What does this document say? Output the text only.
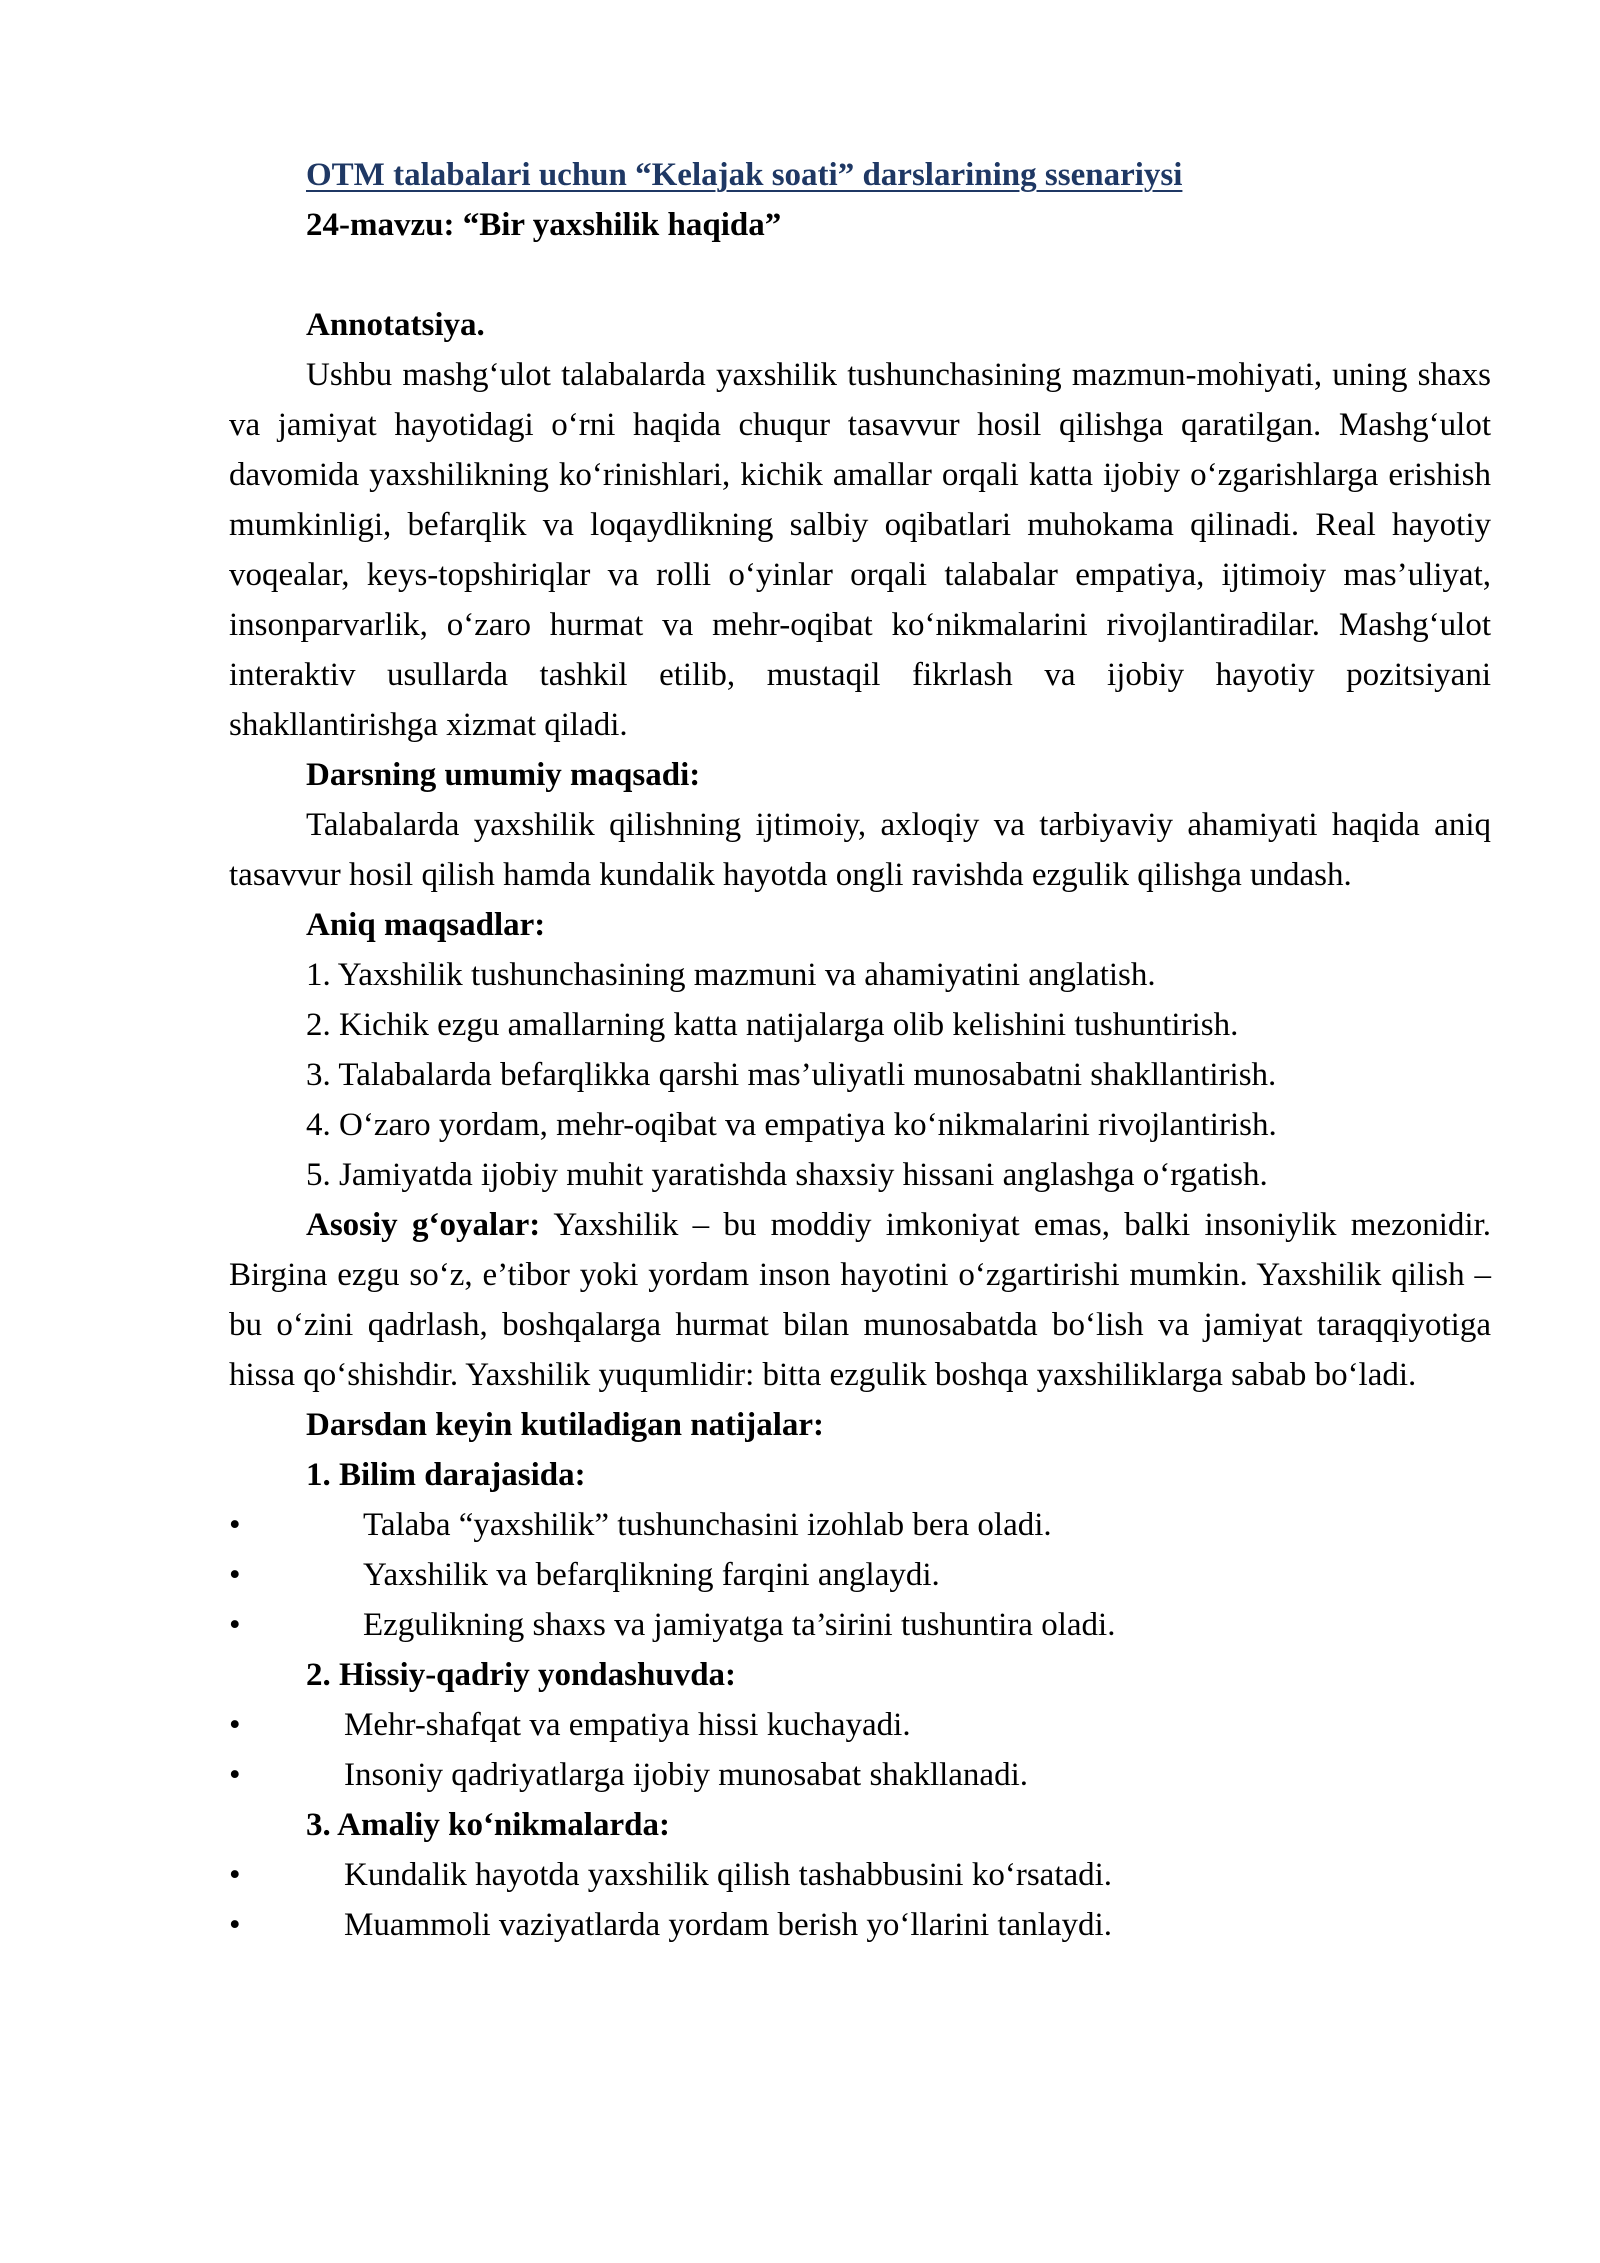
OTM talabalari uchun “Kelajak soati” darslarining ssenariysi
24-mavzu: “Bir yaxshilik haqida”
Annotatsiya.

Ushbu mashg‘ulot talabalarda yaxshilik tushunchasining mazmun-mohiyati, uning shaxs va jamiyat hayotidagi o‘rni haqida chuqur tasavvur hosil qilishga qaratilgan. Mashg‘ulot davomida yaxshilikning ko‘rinishlari, kichik amallar orqali katta ijobiy o‘zgarishlarga erishish mumkinligi, befarqlik va loqaydlikning salbiy oqibatlari muhokama qilinadi. Real hayotiy voqealar, keys-topshiriqlar va rolli o‘yinlar orqali talabalar empatiya, ijtimoiy mas’uliyat, insonparvarlik, o‘zaro hurmat va mehr-oqibat ko‘nikmalarini rivojlantiradilar. Mashg‘ulot interaktiv usullarda tashkil etilib, mustaqil fikrlash va ijobiy hayotiy pozitsiyani shakllantirishga xizmat qiladi.

Darsning umumiy maqsadi:

Talabalarda yaxshilik qilishning ijtimoiy, axloqiy va tarbiyaviy ahamiyati haqida aniq tasavvur hosil qilish hamda kundalik hayotda ongli ravishda ezgulik qilishga undash.

Aniq maqsadlar:
1. Yaxshilik tushunchasining mazmuni va ahamiyatini anglatish.
2. Kichik ezgu amallarning katta natijalarga olib kelishini tushuntirish.
3. Talabalarda befarqlikka qarshi mas’uliyatli munosabatni shakllantirish.
4. O‘zaro yordam, mehr-oqibat va empatiya ko‘nikmalarini rivojlantirish.
5. Jamiyatda ijobiy muhit yaratishda shaxsiy hissani anglashga o‘rgatish.

Asosiy g‘oyalar: Yaxshilik – bu moddiy imkoniyat emas, balki insoniylik mezonidir. Birgina ezgu so‘z, e’tibor yoki yordam inson hayotini o‘zgartirishi mumkin. Yaxshilik qilish – bu o‘zini qadrlash, boshqalarga hurmat bilan munosabatda bo‘lish va jamiyat taraqqiyotiga hissa qo‘shishdir. Yaxshilik yuqumlidir: bitta ezgulik boshqa yaxshiliklarga sabab bo‘ladi.

Darsdan keyin kutiladigan natijalar:
1. Bilim darajasida:
•	Talaba “yaxshilik” tushunchasini izohlab bera oladi.
•	Yaxshilik va befarqlikning farqini anglaydi.
•	Ezgulikning shaxs va jamiyatga ta’sirini tushuntira oladi.
2. Hissiy-qadriy yondashuvda:
•	Mehr-shafqat va empatiya hissi kuchayadi.
•	Insoniy qadriyatlarga ijobiy munosabat shakllanadi.
3. Amaliy ko‘nikmalarda:
•	Kundalik hayotda yaxshilik qilish tashabbusini ko‘rsatadi.
•	Muammoli vaziyatlarda yordam berish yo‘llarini tanlaydi.
